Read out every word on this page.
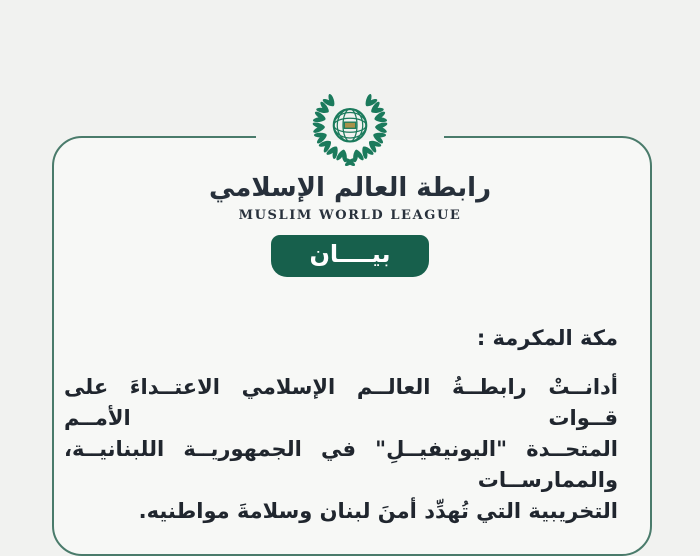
رابطة العالم الإسلامي
MUSLIM WORLD LEAGUE
بيــــان
مكة المكرمة :
أدانــتْ رابطــةُ العالــم الإسلامي الاعتــداءَ على قــوات الأمــم
المتحــدة "اليونيفيــلِ" في الجمهوريــة اللبنانيــة، والممارســات
التخريبية التي تُهدِّد أمنَ لبنان وسلامةَ مواطنيه.
